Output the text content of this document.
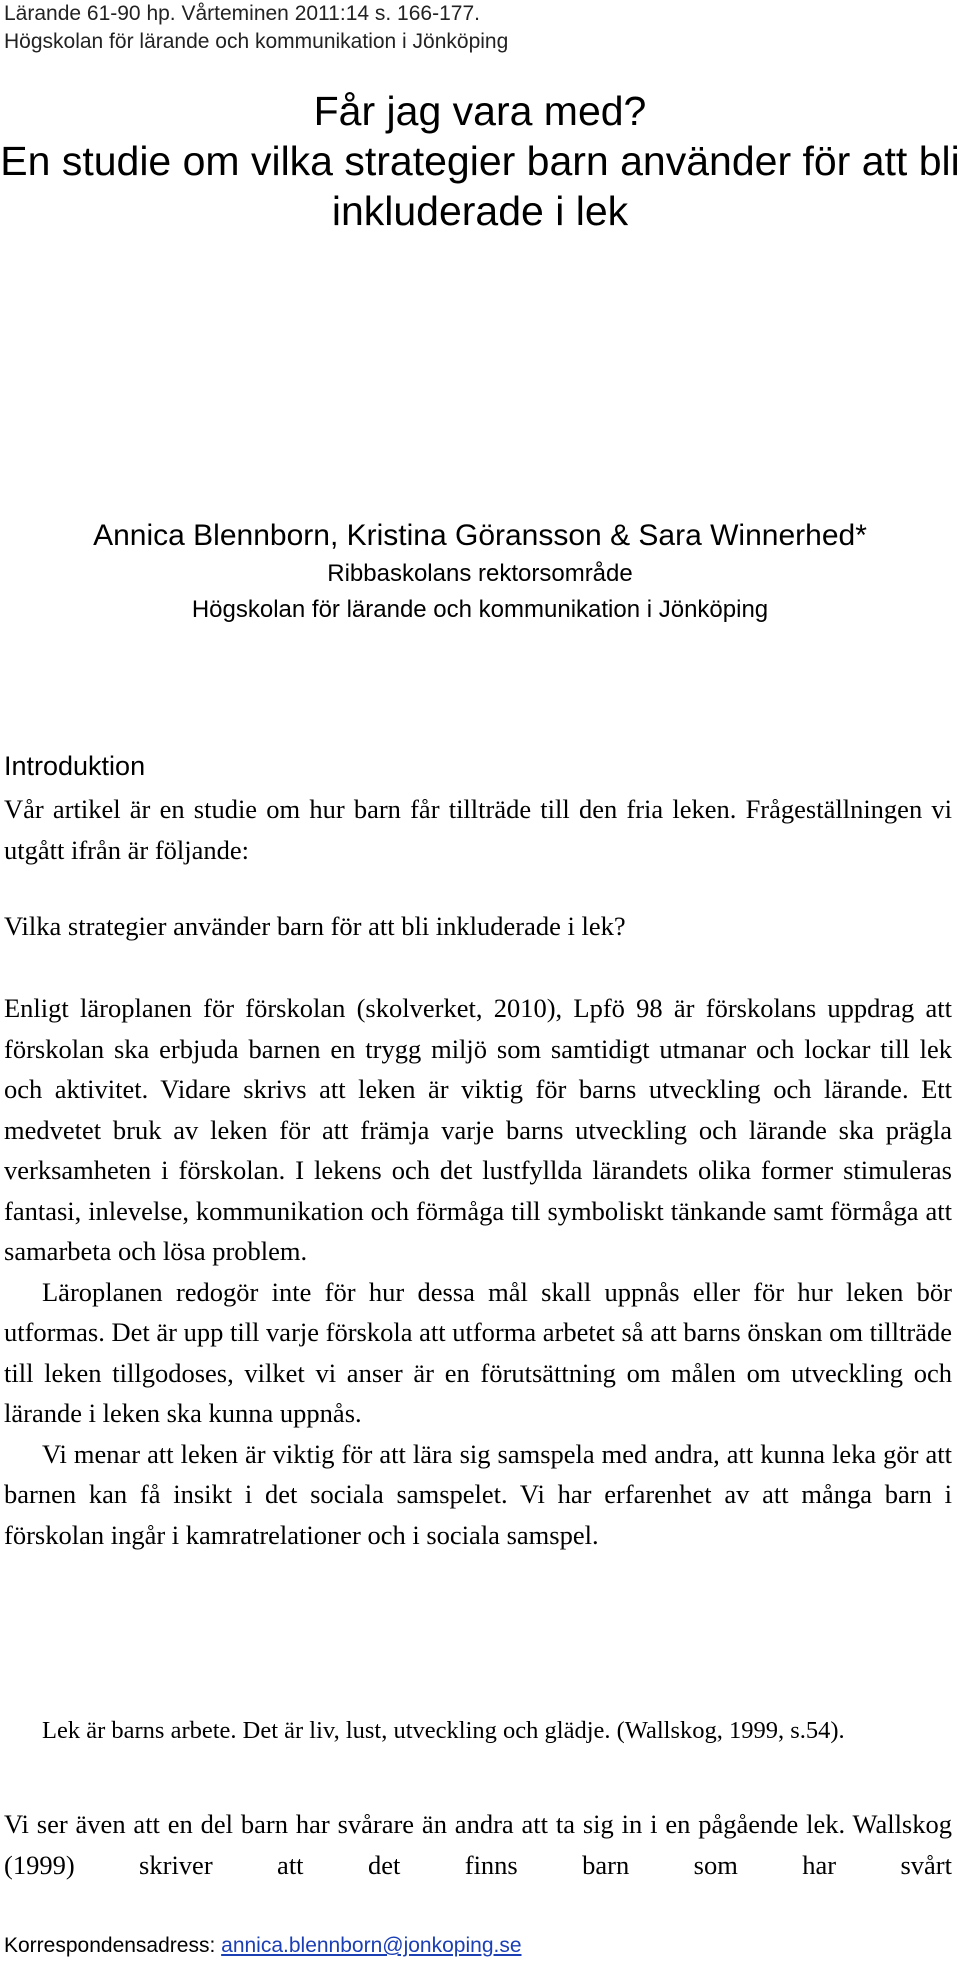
Lärande 61-90 hp. Vårteminen 2011:14 s. 166-177.
Högskolan för lärande och kommunikation i Jönköping
Får jag vara med?
En studie om vilka strategier barn använder för att bli
inkluderade i lek
Annica Blennborn, Kristina Göransson & Sara Winnerhed*
Ribbaskolans rektorsområde
Högskolan för lärande och kommunikation i Jönköping
Introduktion

Vår artikel är en studie om hur barn får tillträde till den fria leken. Frågeställningen vi utgått ifrån är följande:

Vilka strategier använder barn för att bli inkluderade i lek?

Enligt läroplanen för förskolan (skolverket, 2010), Lpfö 98 är förskolans uppdrag att förskolan ska erbjuda barnen en trygg miljö som samtidigt utmanar och lockar till lek och aktivitet. Vidare skrivs att leken är viktig för barns utveckling och lärande. Ett medvetet bruk av leken för att främja varje barns utveckling och lärande ska prägla verksamheten i förskolan. I lekens och det lustfyllda lärandets olika former stimuleras fantasi, inlevelse, kommunikation och förmåga till symboliskt tänkande samt förmåga att samarbeta och lösa problem.

Läroplanen redogör inte för hur dessa mål skall uppnås eller för hur leken bör utformas. Det är upp till varje förskola att utforma arbetet så att barns önskan om tillträde till leken tillgodoses, vilket vi anser är en förutsättning om målen om utveckling och lärande i leken ska kunna uppnås.

Vi menar att leken är viktig för att lära sig samspela med andra, att kunna leka gör att barnen kan få insikt i det sociala samspelet. Vi har erfarenhet av att många barn i förskolan ingår i kamratrelationer och i sociala samspel.

Lek är barns arbete. Det är liv, lust, utveckling och glädje. (Wallskog, 1999, s.54).

Vi ser även att en del barn har svårare än andra att ta sig in i en pågående lek. Wallskog (1999) skriver att det finns barn som har svårt

Korrespondensadress: annica.blennborn@jonkoping.se
